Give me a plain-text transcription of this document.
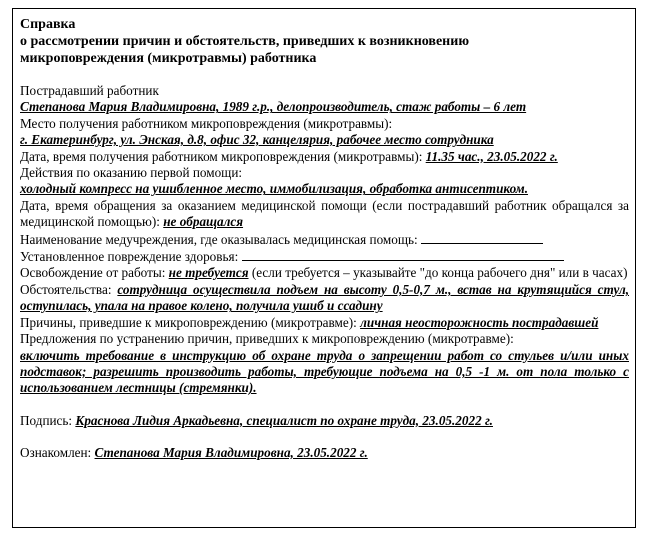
Справка
о рассмотрении причин и обстоятельств, приведших к возникновению
микроповреждения (микротравмы) работника
Пострадавший работник
Степанова Мария Владимировна, 1989 г.р., делопроизводитель, стаж работы – 6 лет
Место получения работником микроповреждения (микротравмы):
г. Екатеринбург, ул. Энская, д.8, офис 32, канцелярия, рабочее место сотрудника
Дата, время получения работником микроповреждения (микротравмы): 11.35 час., 23.05.2022 г.
Действия по оказанию первой помощи:
холодный компресс на ушибленное место, иммобилизация, обработка антисептиком.
Дата, время обращения за оказанием медицинской помощи (если пострадавший работник обращался за медицинской помощью): не обращался
Наименование медучреждения, где оказывалась медицинская помощь:
Установленное повреждение здоровья:
Освобождение от работы: не требуется (если требуется – указывайте "до конца рабочего дня" или в часах)
Обстоятельства: сотрудница осуществила подъем на высоту 0,5-0,7 м., встав на крутящийся стул, оступилась, упала на правое колено, получила ушиб и ссадину
Причины, приведшие к микроповреждению (микротравме): личная неосторожность пострадавшей
Предложения по устранению причин, приведших к микроповреждению (микротравме):
включить требование в инструкцию об охране труда о запрещении работ со стульев и/или иных подставок; разрешить производить работы, требующие подъема на 0,5 -1 м. от пола только с использованием лестницы (стремянки).
Подпись: Краснова Лидия Аркадьевна, специалист по охране труда, 23.05.2022 г.
Ознакомлен: Степанова Мария Владимировна, 23.05.2022 г.
